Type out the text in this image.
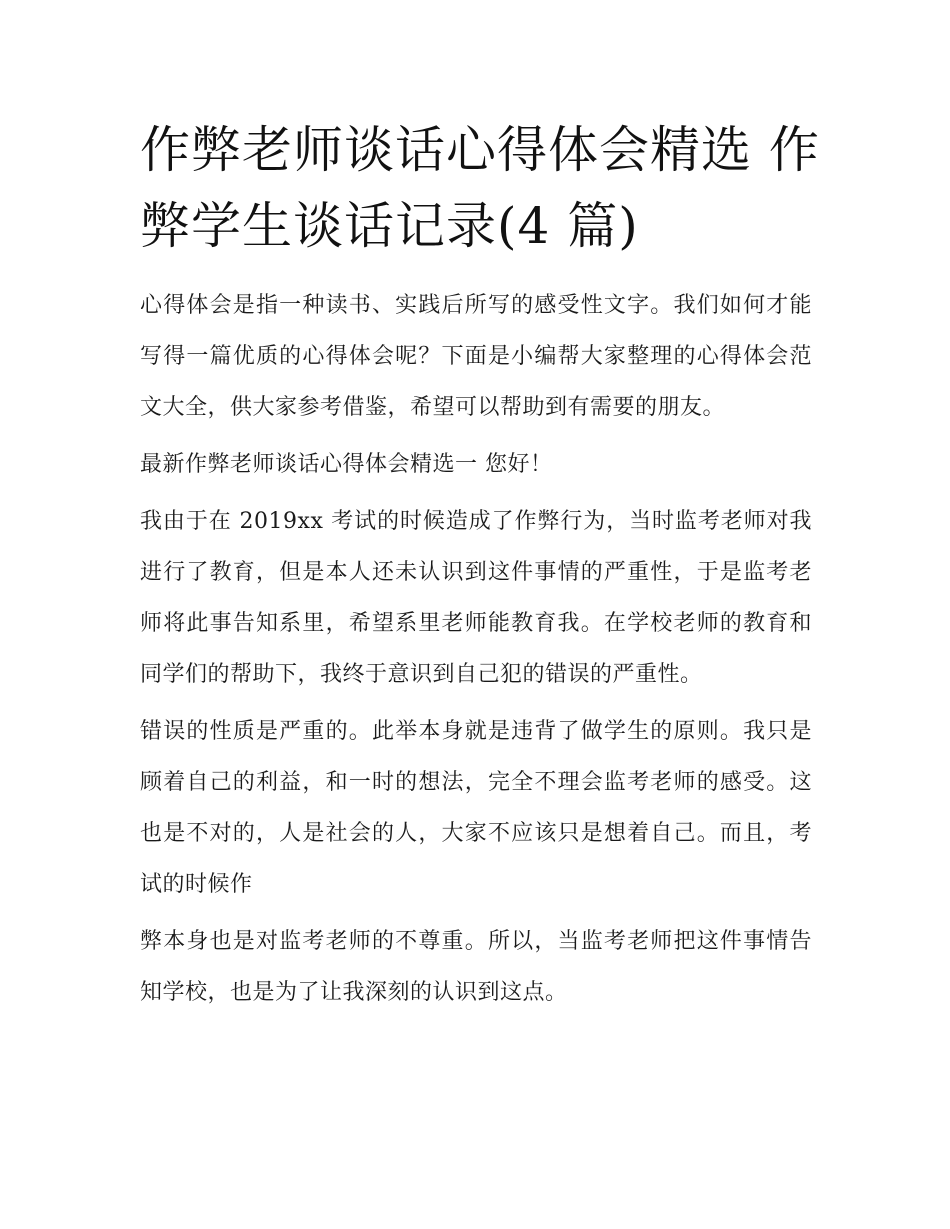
作弊老师谈话心得体会精选 作弊学生谈话记录(4 篇)

心得体会是指一种读书、实践后所写的感受性文字。我们如何才能写得一篇优质的心得体会呢？下面是小编帮大家整理的心得体会范文大全，供大家参考借鉴，希望可以帮助到有需要的朋友。

最新作弊老师谈话心得体会精选一 您好！

我由于在 2019xx 考试的时候造成了作弊行为，当时监考老师对我进行了教育，但是本人还未认识到这件事情的严重性，于是监考老师将此事告知系里，希望系里老师能教育我。在学校老师的教育和同学们的帮助下，我终于意识到自己犯的错误的严重性。

错误的性质是严重的。此举本身就是违背了做学生的原则。我只是顾着自己的利益，和一时的想法，完全不理会监考老师的感受。这也是不对的，人是社会的人，大家不应该只是想着自己。而且，考试的时候作

弊本身也是对监考老师的不尊重。所以，当监考老师把这件事情告知学校，也是为了让我深刻的认识到这点。
